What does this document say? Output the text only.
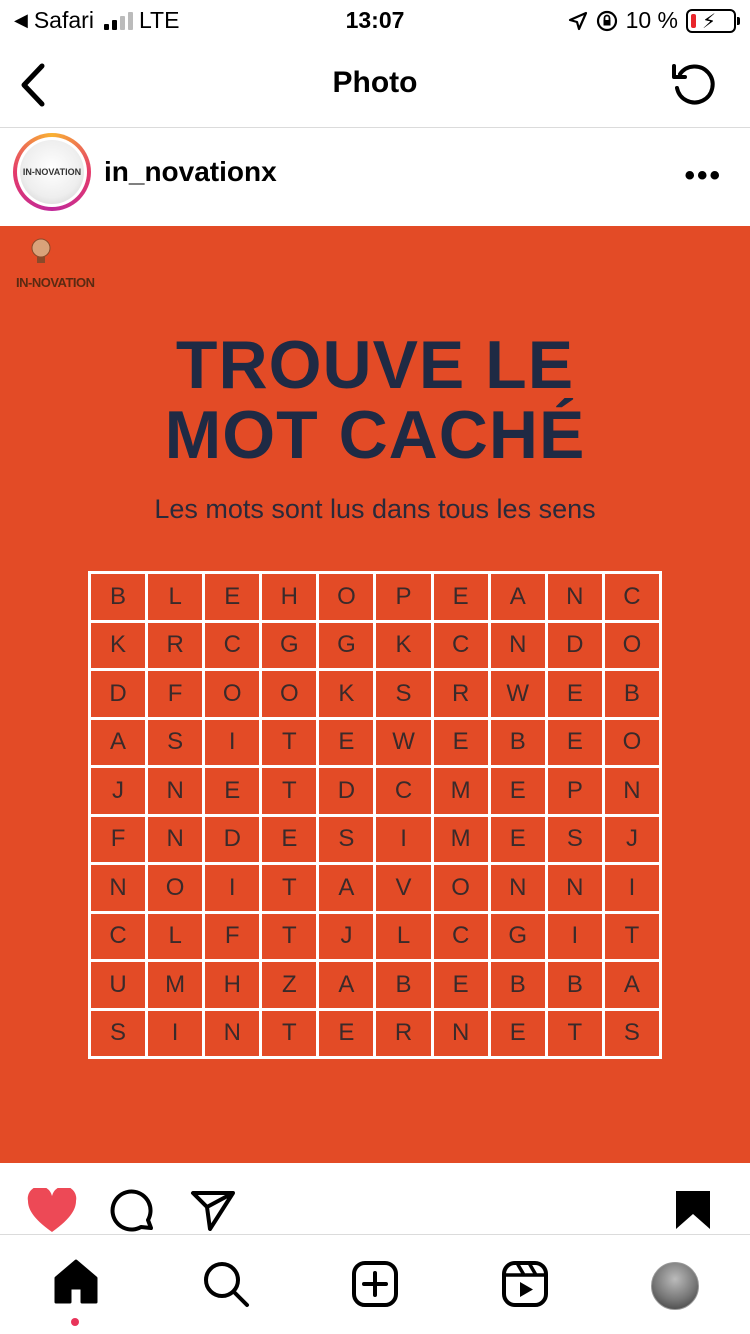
◀ Safari LTE	13:07	10 % ⚡
Photo
IN-NOVATION in_novationx	•••
IN-NOVATION
TROUVE LE
MOT CACHÉ
Les mots sont lus dans tous les sens
B	L	E	H	O	P	E	A	N	C
K	R	C	G	G	K	C	N	D	O
D	F	O	O	K	S	R	W	E	B
A	S	I	T	E	W	E	B	E	O
J	N	E	T	D	C	M	E	P	N
F	N	D	E	S	I	M	E	S	J
N	O	I	T	A	V	O	N	N	I
C	L	F	T	J	L	C	G	I	T
U	M	H	Z	A	B	E	B	B	A
S	I	N	T	E	R	N	E	T	S
